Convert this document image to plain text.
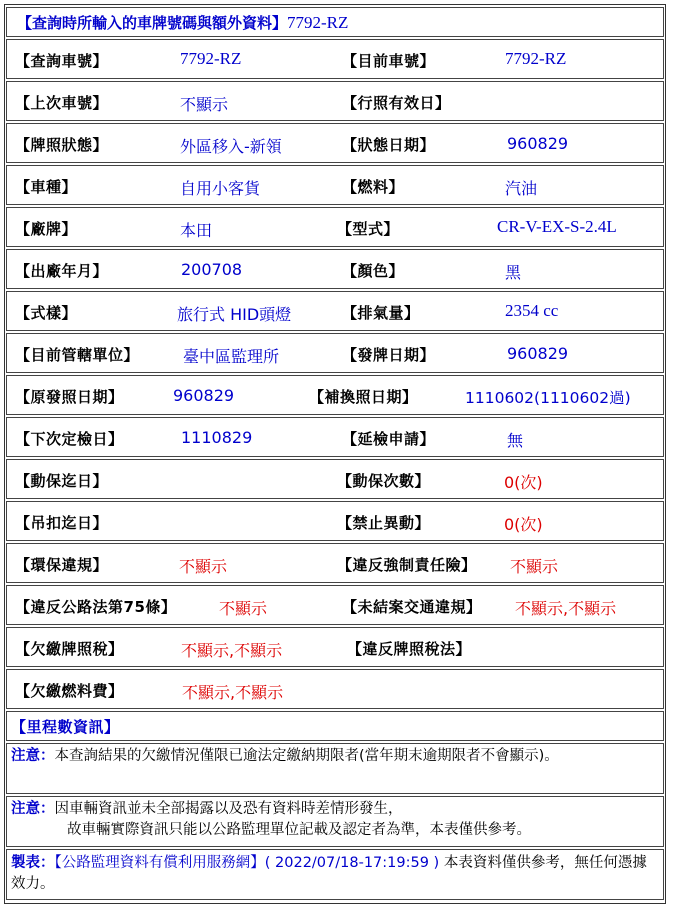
【查詢時所輸入的車牌號碼與額外資料】7792-RZ
【查詢車號】	7792-RZ	【目前車號】	7792-RZ
【上次車號】	不顯示	【行照有效日】
【牌照狀態】	外區移入-新領	【狀態日期】	960829
【車種】	自用小客貨	【燃料】	汽油
【廠牌】	本田	【型式】	CR-V-EX-S-2.4L
【出廠年月】	200708	【顏色】	黑
【式樣】	旅行式 HID頭燈	【排氣量】	2354 cc
【目前管轄單位】	臺中區監理所	【發牌日期】	960829
【原發照日期】	960829	【補換照日期】	1110602(1110602過)
【下次定檢日】	1110829	【延檢申請】	無
【動保迄日】	【動保次數】	0(次)
【吊扣迄日】	【禁止異動】	0(次)
【環保違規】	不顯示	【違反強制責任險】 不顯示
【違反公路法第75條】	不顯示	【未結案交通違規】 不顯示,不顯示
【欠繳牌照稅】	不顯示,不顯示	【違反牌照稅法】
【欠繳燃料費】	不顯示,不顯示
【里程數資訊】
注意：本查詢結果的欠繳情況僅限已逾法定繳納期限者(當年期末逾期限者不會顯示)。
注意：因車輛資訊並未全部揭露以及恐有資料時差情形發生，
故車輛實際資訊只能以公路監理單位記載及認定者為準，本表僅供參考。
製表：【公路監理資料有償利用服務網】( 2022/07/18-17:19:59 ) 本表資料僅供參考，無任何憑據效力。
